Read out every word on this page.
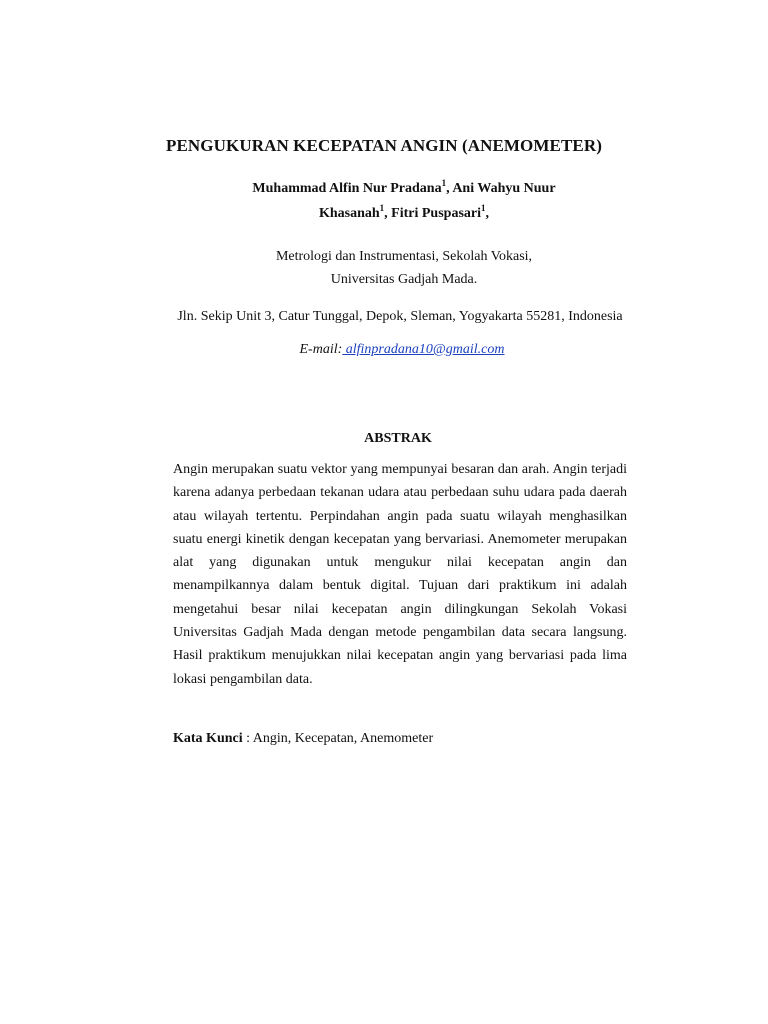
PENGUKURAN KECEPATAN ANGIN (ANEMOMETER)
Muhammad Alfin Nur Pradana$^1$, Ani Wahyu Nuur
Khasanah$^1$, Fitri Puspasari$^1$,
Metrologi dan Instrumentasi, Sekolah Vokasi,
Universitas Gadjah Mada.
Jln. Sekip Unit 3, Catur Tunggal, Depok, Sleman, Yogyakarta 55281, Indonesia
E-mail: alfinpradana10@gmail.com
ABSTRAK
Angin merupakan suatu vektor yang mempunyai besaran dan arah. Angin terjadi karena adanya perbedaan tekanan udara atau perbedaan suhu udara pada daerah atau wilayah tertentu. Perpindahan angin pada suatu wilayah menghasilkan suatu energi kinetik dengan kecepatan yang bervariasi. Anemometer merupakan alat yang digunakan untuk mengukur nilai kecepatan angin dan menampilkannya dalam bentuk digital. Tujuan dari praktikum ini adalah mengetahui besar nilai kecepatan angin dilingkungan Sekolah Vokasi Universitas Gadjah Mada dengan metode pengambilan data secara langsung. Hasil praktikum menujukkan nilai kecepatan angin yang bervariasi pada lima lokasi pengambilan data.
Kata Kunci : Angin, Kecepatan, Anemometer
